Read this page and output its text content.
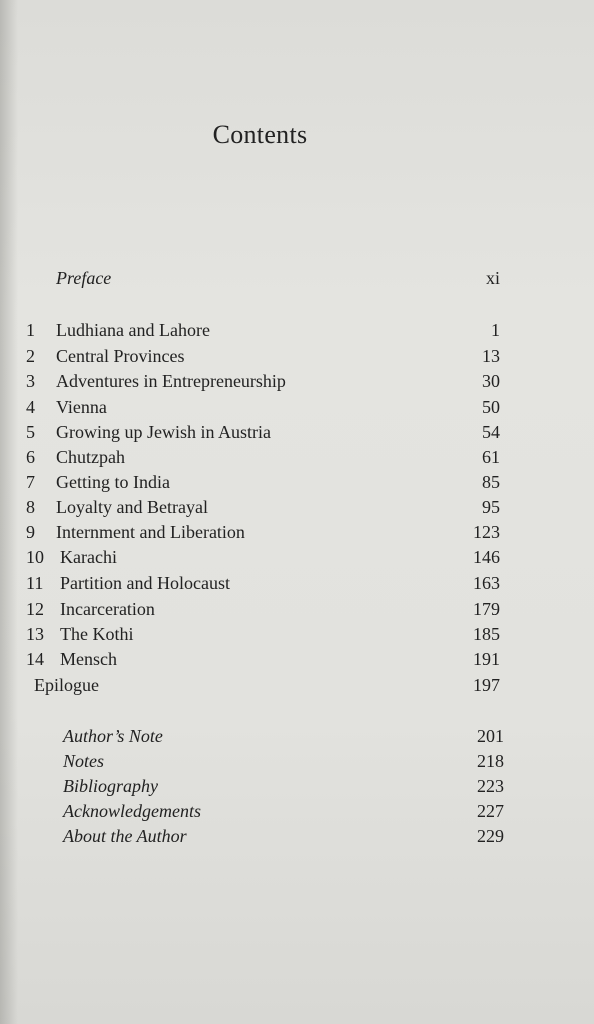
Contents
Preface	xi
1 Ludhiana and Lahore	1
2 Central Provinces	13
3 Adventures in Entrepreneurship	30
4 Vienna	50
5 Growing up Jewish in Austria	54
6 Chutzpah	61
7 Getting to India	85
8 Loyalty and Betrayal	95
9 Internment and Liberation	123
10 Karachi	146
11 Partition and Holocaust	163
12 Incarceration	179
13 The Kothi	185
14 Mensch	191
Epilogue	197
Author’s Note	201
Notes	218
Bibliography	223
Acknowledgements	227
About the Author	229
